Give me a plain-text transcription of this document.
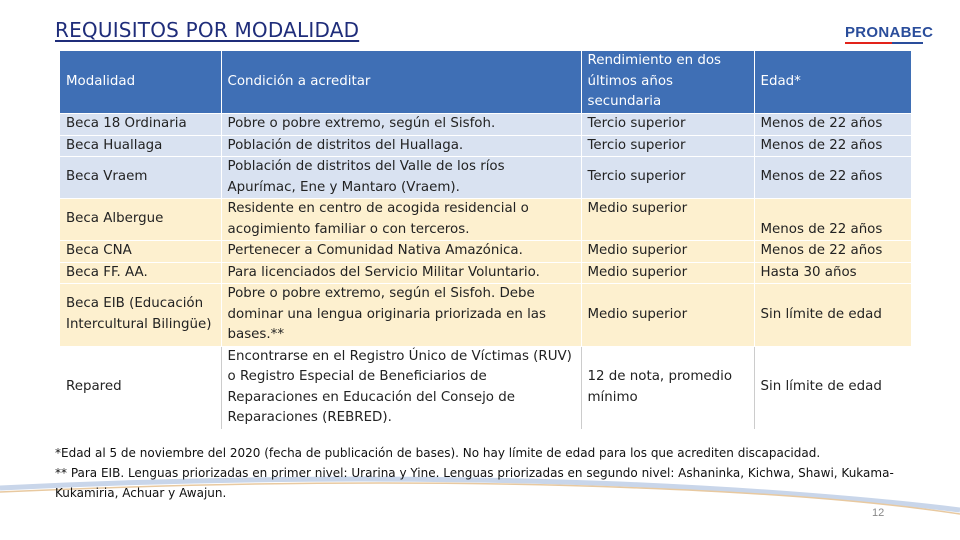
REQUISITOS POR MODALIDAD	PRONABEC
Modalidad	Condición a acreditar	Rendimiento en dos últimos años secundaria	Edad*
Beca 18 Ordinaria	Pobre o pobre extremo, según el Sisfoh.	Tercio superior	Menos de 22 años
Beca Huallaga	Población de distritos del Huallaga.	Tercio superior	Menos de 22 años
Beca Vraem	Población de distritos del Valle de los ríos Apurímac, Ene y Mantaro (Vraem).	Tercio superior	Menos de 22 años
Beca Albergue	Residente en centro de acogida residencial o acogimiento familiar o con terceros.	Medio superior	Menos de 22 años
Beca CNA	Pertenecer a Comunidad Nativa Amazónica.	Medio superior	Menos de 22 años
Beca FF. AA.	Para licenciados del Servicio Militar Voluntario.	Medio superior	Hasta 30 años
Beca EIB (Educación Intercultural Bilingüe)	Pobre o pobre extremo, según el Sisfoh. Debe dominar una lengua originaria priorizada en las bases.**	Medio superior	Sin límite de edad
Repared	Encontrarse en el Registro Único de Víctimas (RUV) o Registro Especial de Beneficiarios de Reparaciones en Educación del Consejo de Reparaciones (REBRED).	12 de nota, promedio mínimo	Sin límite de edad
*Edad al 5 de noviembre del 2020 (fecha de publicación de bases). No hay límite de edad para los que acrediten discapacidad.
** Para EIB. Lenguas priorizadas en primer nivel: Urarina y Yine. Lenguas priorizadas en segundo nivel: Ashaninka, Kichwa, Shawi, Kukama-Kukamiria, Achuar y Awajun.
12
